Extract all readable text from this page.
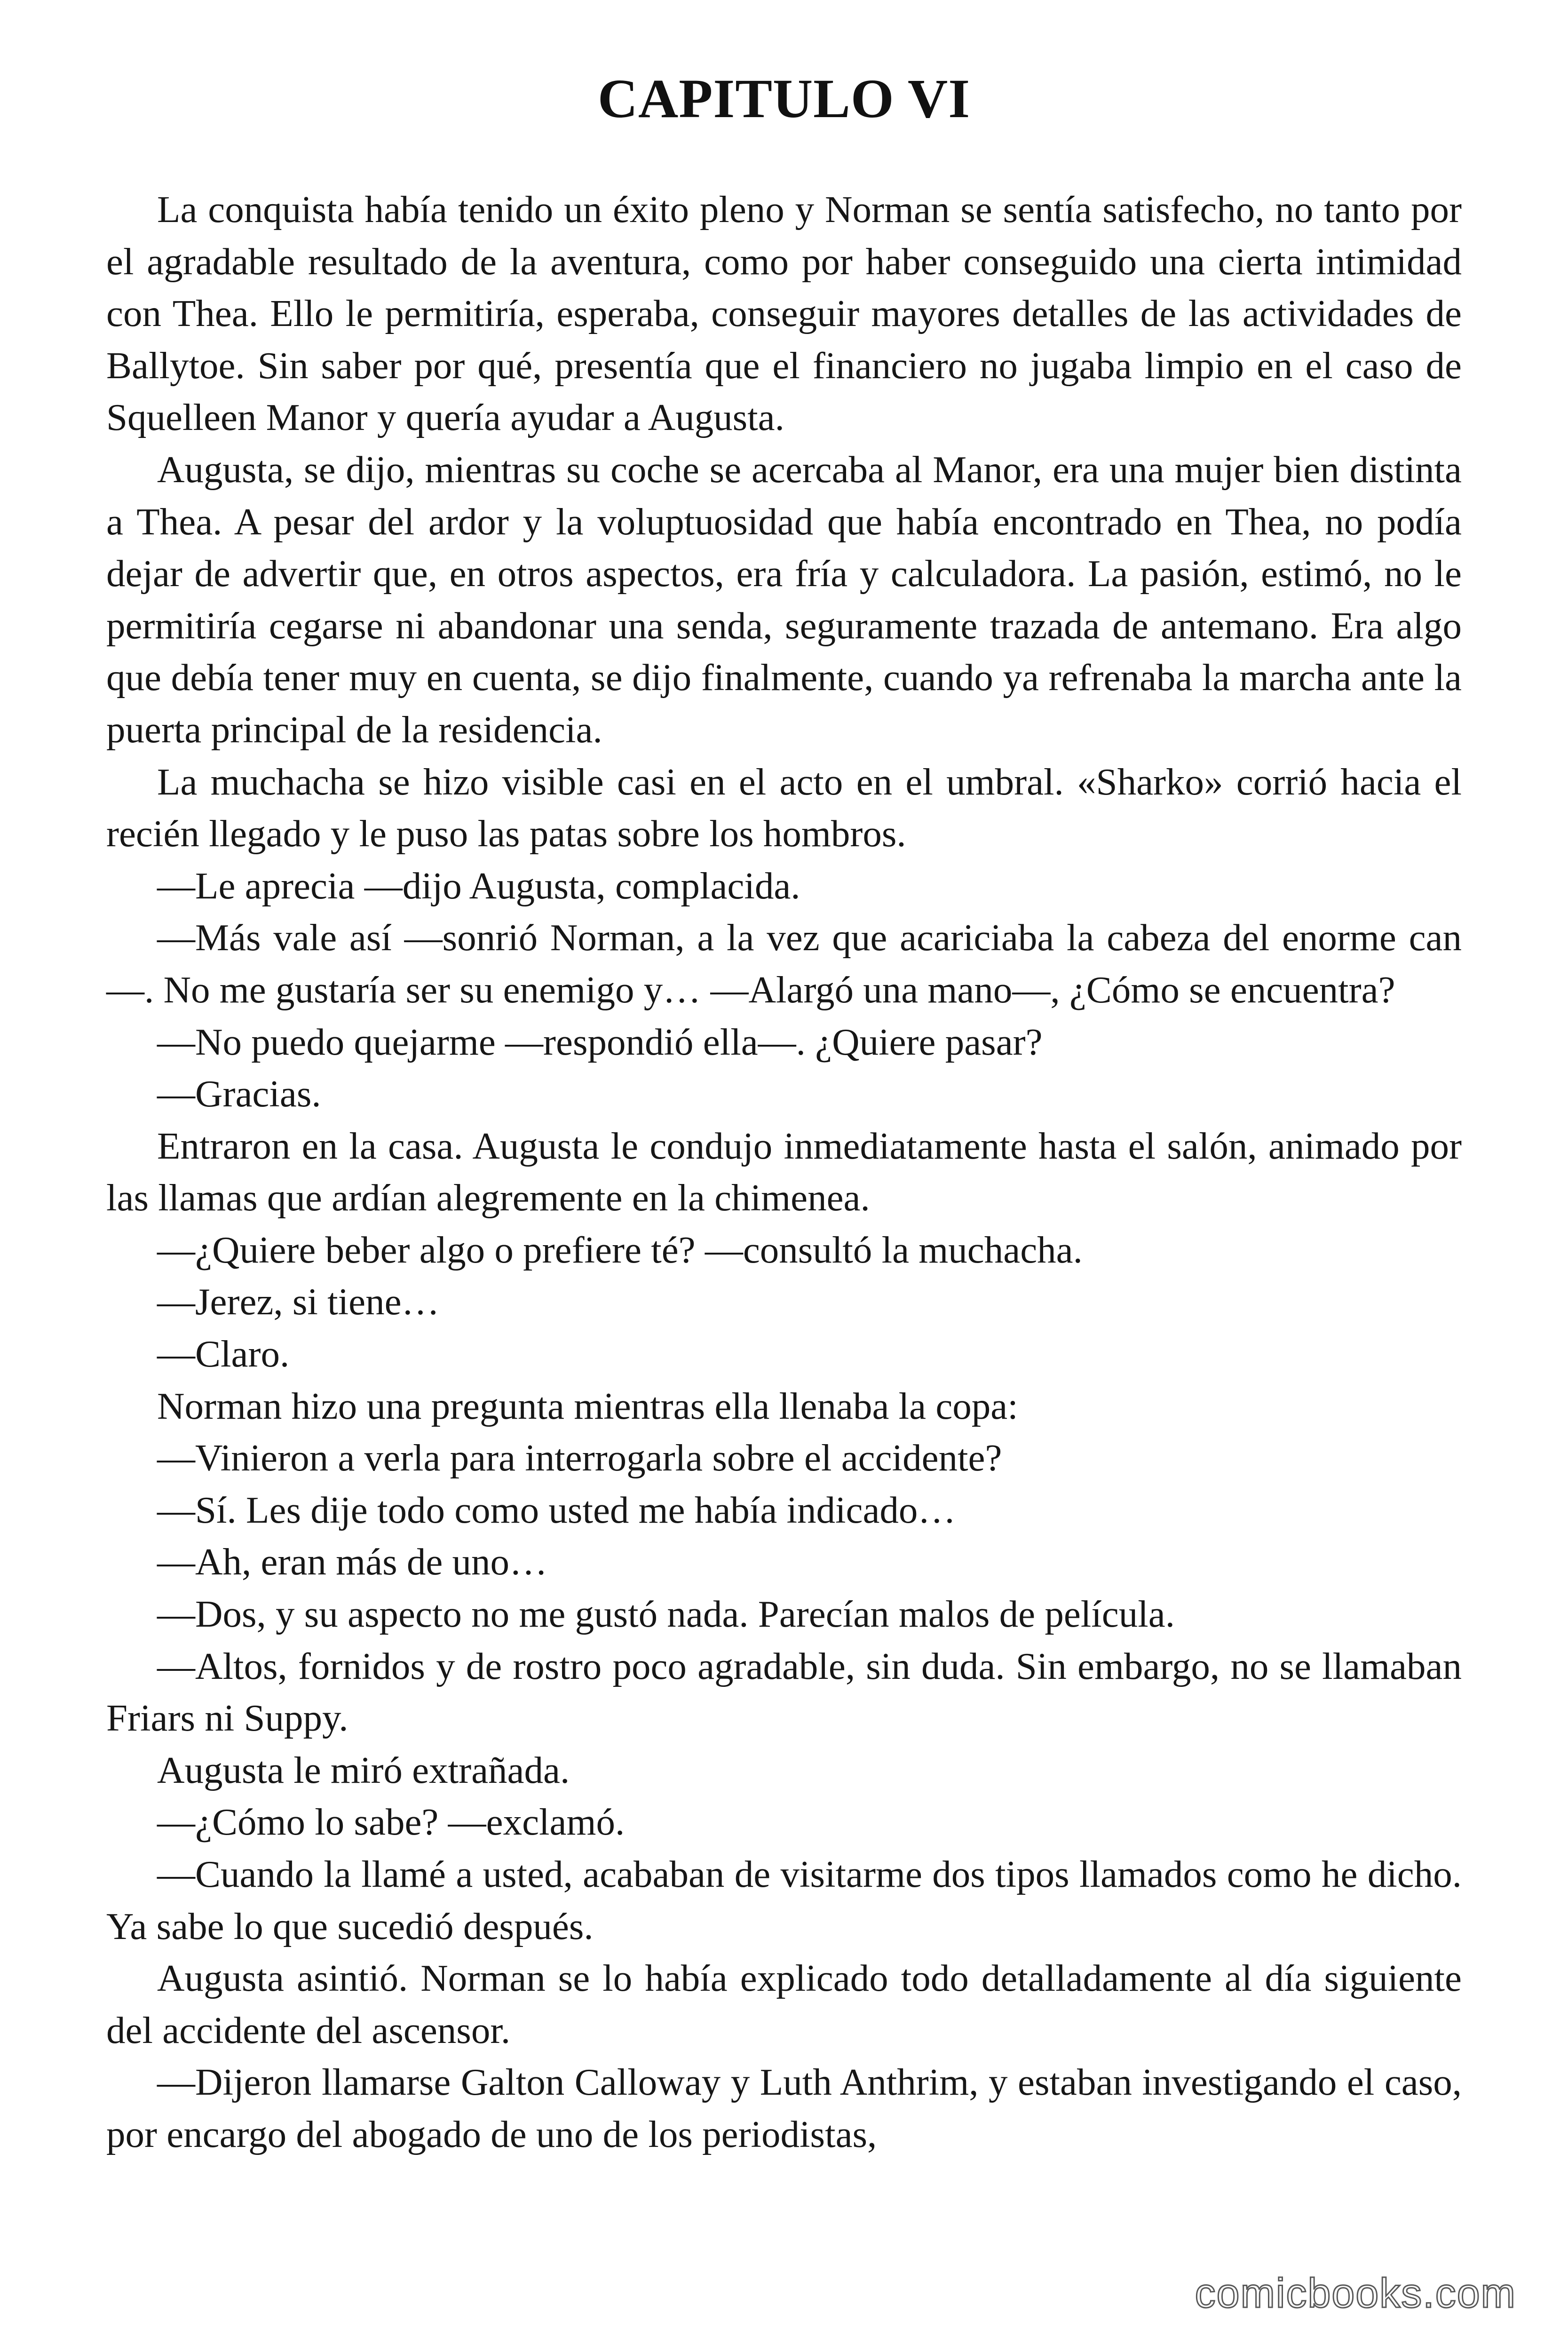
CAPITULO VI

La conquista había tenido un éxito pleno y Norman se sentía satisfecho, no tanto por el agradable resultado de la aventura, como por haber conseguido una cierta intimidad con Thea. Ello le permitiría, esperaba, conseguir mayores detalles de las actividades de Ballytoe. Sin saber por qué, presentía que el financiero no jugaba limpio en el caso de Squelleen Manor y quería ayudar a Augusta.

Augusta, se dijo, mientras su coche se acercaba al Manor, era una mujer bien distinta a Thea. A pesar del ardor y la voluptuosidad que había encontrado en Thea, no podía dejar de advertir que, en otros aspectos, era fría y calculadora. La pasión, estimó, no le permitiría cegarse ni abandonar una senda, seguramente trazada de antemano. Era algo que debía tener muy en cuenta, se dijo finalmente, cuando ya refrenaba la marcha ante la puerta principal de la residencia.

La muchacha se hizo visible casi en el acto en el umbral. «Sharko» corrió hacia el recién llegado y le puso las patas sobre los hombros.

—Le aprecia —dijo Augusta, complacida.

—Más vale así —sonrió Norman, a la vez que acariciaba la cabeza del enorme can—. No me gustaría ser su enemigo y… —Alargó una mano—, ¿Cómo se encuentra?

—No puedo quejarme —respondió ella—. ¿Quiere pasar?

—Gracias.

Entraron en la casa. Augusta le condujo inmediatamente hasta el salón, animado por las llamas que ardían alegremente en la chimenea.

—¿Quiere beber algo o prefiere té? —consultó la muchacha.

—Jerez, si tiene…

—Claro.

Norman hizo una pregunta mientras ella llenaba la copa:

—Vinieron a verla para interrogarla sobre el accidente?

—Sí. Les dije todo como usted me había indicado…

—Ah, eran más de uno…

—Dos, y su aspecto no me gustó nada. Parecían malos de película.

—Altos, fornidos y de rostro poco agradable, sin duda. Sin embargo, no se llamaban Friars ni Suppy.

Augusta le miró extrañada.

—¿Cómo lo sabe? —exclamó.

—Cuando la llamé a usted, acababan de visitarme dos tipos llamados como he dicho. Ya sabe lo que sucedió después.

Augusta asintió. Norman se lo había explicado todo detalladamente al día siguiente del accidente del ascensor.

—Dijeron llamarse Galton Calloway y Luth Anthrim, y estaban investigando el caso, por encargo del abogado de uno de los periodistas,

comicbooks.com
